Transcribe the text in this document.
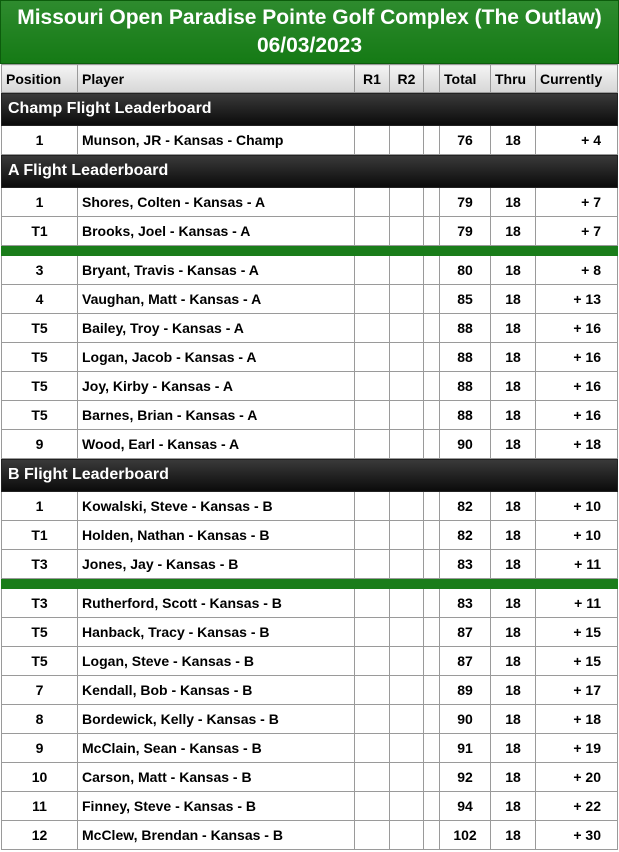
Missouri Open Paradise Pointe Golf Complex (The Outlaw)
06/03/2023
Position	Player	R1	R2		Total	Thru	Currently
Champ Flight Leaderboard							
1	Munson, JR - Kansas - Champ				76	18	+ 4
A Flight Leaderboard							
1	Shores, Colten - Kansas - A				79	18	+ 7
T1	Brooks, Joel - Kansas - A				79	18	+ 7

3	Bryant, Travis - Kansas - A				80	18	+ 8
4	Vaughan, Matt - Kansas - A				85	18	+ 13
T5	Bailey, Troy - Kansas - A				88	18	+ 16
T5	Logan, Jacob - Kansas - A				88	18	+ 16
T5	Joy, Kirby - Kansas - A				88	18	+ 16
T5	Barnes, Brian - Kansas - A				88	18	+ 16
9	Wood, Earl - Kansas - A				90	18	+ 18
B Flight Leaderboard							
1	Kowalski, Steve - Kansas - B				82	18	+ 10
T1	Holden, Nathan - Kansas - B				82	18	+ 10
T3	Jones, Jay - Kansas - B				83	18	+ 11

T3	Rutherford, Scott - Kansas - B				83	18	+ 11
T5	Hanback, Tracy - Kansas - B				87	18	+ 15
T5	Logan, Steve - Kansas - B				87	18	+ 15
7	Kendall, Bob - Kansas - B				89	18	+ 17
8	Bordewick, Kelly - Kansas - B				90	18	+ 18
9	McClain, Sean - Kansas - B				91	18	+ 19
10	Carson, Matt - Kansas - B				92	18	+ 20
11	Finney, Steve - Kansas - B				94	18	+ 22
12	McClew, Brendan - Kansas - B				102	18	+ 30
